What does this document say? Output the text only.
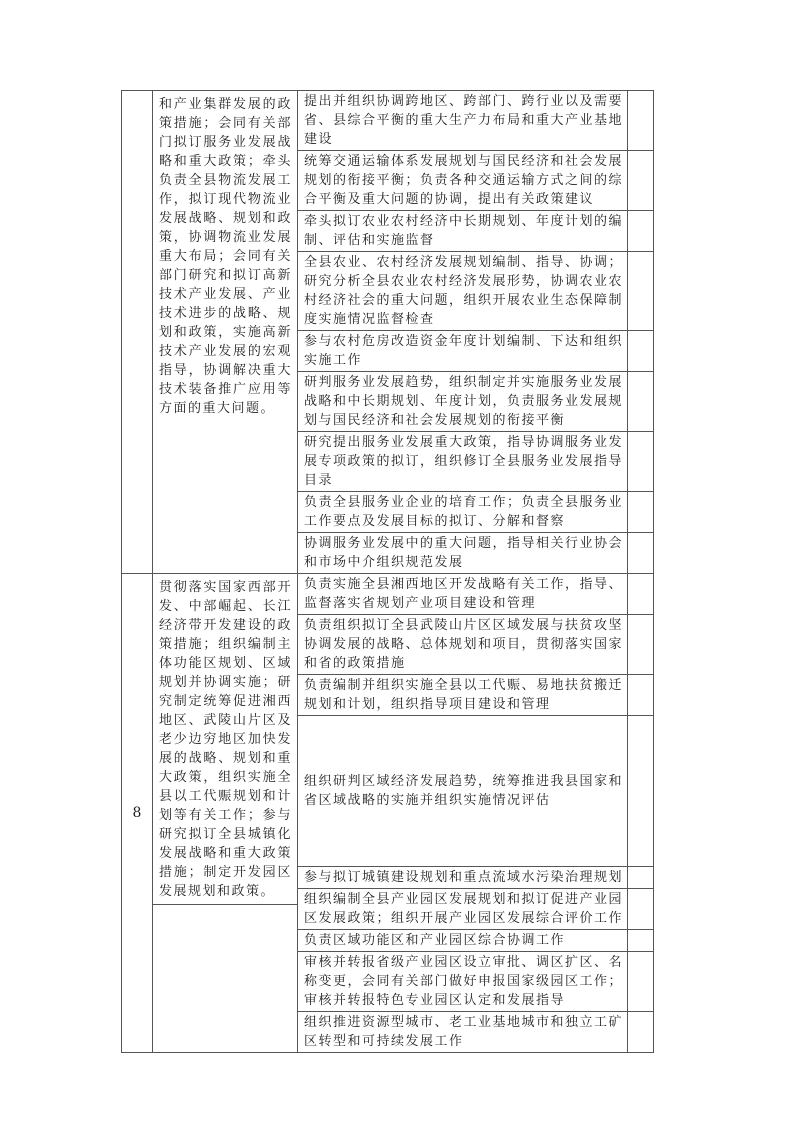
和产业集群发展的政策措施；会同有关部门拟订服务业发展战略和重大政策；牵头负责全县物流发展工作，拟订现代物流业发展战略、规划和政策，协调物流业发展重大布局；会同有关部门研究和拟订高新技术产业发展、产业技术进步的战略、规划和政策，实施高新技术产业发展的宏观指导，协调解决重大技术装备推广应用等方面的重大问题。
提出并组织协调跨地区、跨部门、跨行业以及需要省、县综合平衡的重大生产力布局和重大产业基地建设
统筹交通运输体系发展规划与国民经济和社会发展规划的衔接平衡；负责各种交通运输方式之间的综合平衡及重大问题的协调，提出有关政策建议
牵头拟订农业农村经济中长期规划、年度计划的编制、评估和实施监督
全县农业、农村经济发展规划编制、指导、协调；研究分析全县农业农村经济发展形势，协调农业农村经济社会的重大问题，组织开展农业生态保障制度实施情况监督检查
参与农村危房改造资金年度计划编制、下达和组织实施工作
研判服务业发展趋势，组织制定并实施服务业发展战略和中长期规划、年度计划，负责服务业发展规划与国民经济和社会发展规划的衔接平衡
研究提出服务业发展重大政策，指导协调服务业发展专项政策的拟订，组织修订全县服务业发展指导目录
负责全县服务业企业的培育工作；负责全县服务业工作要点及发展目标的拟订、分解和督察
协调服务业发展中的重大问题，指导相关行业协会和市场中介组织规范发展
8
贯彻落实国家西部开发、中部崛起、长江经济带开发建设的政策措施；组织编制主体功能区规划、区域规划并协调实施；研究制定统筹促进湘西地区、武陵山片区及老少边穷地区加快发展的战略、规划和重大政策，组织实施全县以工代赈规划和计划等有关工作；参与研究拟订全县城镇化发展战略和重大政策措施；制定开发园区发展规划和政策。
负责实施全县湘西地区开发战略有关工作，指导、监督落实省规划产业项目建设和管理
负责组织拟订全县武陵山片区区域发展与扶贫攻坚协调发展的战略、总体规划和项目，贯彻落实国家和省的政策措施
负责编制并组织实施全县以工代赈、易地扶贫搬迁规划和计划，组织指导项目建设和管理
组织研判区域经济发展趋势，统筹推进我县国家和省区域战略的实施并组织实施情况评估
参与拟订城镇建设规划和重点流域水污染治理规划
组织编制全县产业园区发展规划和拟订促进产业园区发展政策；组织开展产业园区发展综合评价工作
负责区域功能区和产业园区综合协调工作
审核并转报省级产业园区设立审批、调区扩区、名称变更，会同有关部门做好申报国家级园区工作；审核并转报特色专业园区认定和发展指导
组织推进资源型城市、老工业基地城市和独立工矿区转型和可持续发展工作
